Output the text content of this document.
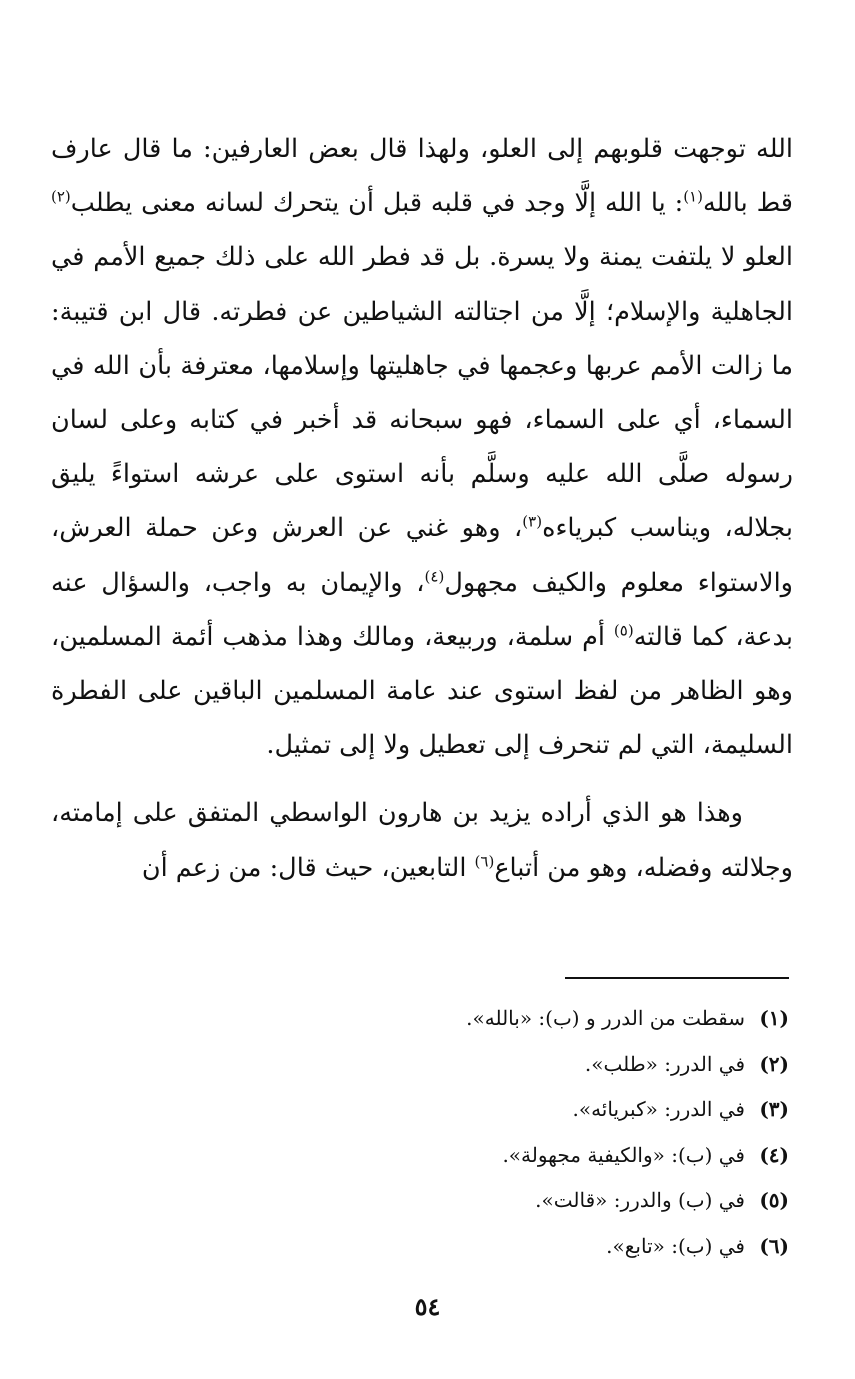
الله توجهت قلوبهم إلى العلو، ولهذا قال بعض العارفين: ما قال عارف قط بالله$^{(١)}$: يا الله إلَّا وجد في قلبه قبل أن يتحرك لسانه معنى يطلب$^{(٢)}$ العلو لا يلتفت يمنة ولا يسرة. بل قد فطر الله على ذلك جميع الأمم في الجاهلية والإسلام؛ إلَّا من اجتالته الشياطين عن فطرته. قال ابن قتيبة: ما زالت الأمم عربها وعجمها في جاهليتها وإسلامها، معترفة بأن الله في السماء، أي على السماء، فهو سبحانه قد أخبر في كتابه وعلى لسان رسوله صلَّى الله عليه وسلَّم بأنه استوى على عرشه استواءً يليق بجلاله، ويناسب كبرياءه$^{(٣)}$، وهو غني عن العرش وعن حملة العرش، والاستواء معلوم والكيف مجهول$^{(٤)}$، والإيمان به واجب، والسؤال عنه بدعة، كما قالته$^{(٥)}$ أم سلمة، وربيعة، ومالك وهذا مذهب أئمة المسلمين، وهو الظاهر من لفظ استوى عند عامة المسلمين الباقين على الفطرة السليمة، التي لم تنحرف إلى تعطيل ولا إلى تمثيل.

وهذا هو الذي أراده يزيد بن هارون الواسطي المتفق على إمامته، وجلالته وفضله، وهو من أتباع$^{(٦)}$ التابعين، حيث قال: من زعم أن

(١)
سقطت من الدرر و (ب): «بالله».
(٢)
في الدرر: «طلب».
(٣)
في الدرر: «كبريائه».
(٤)
في (ب): «والكيفية مجهولة».
(٥)
في (ب) والدرر: «قالت».
(٦)
في (ب): «تابع».
٥٤
